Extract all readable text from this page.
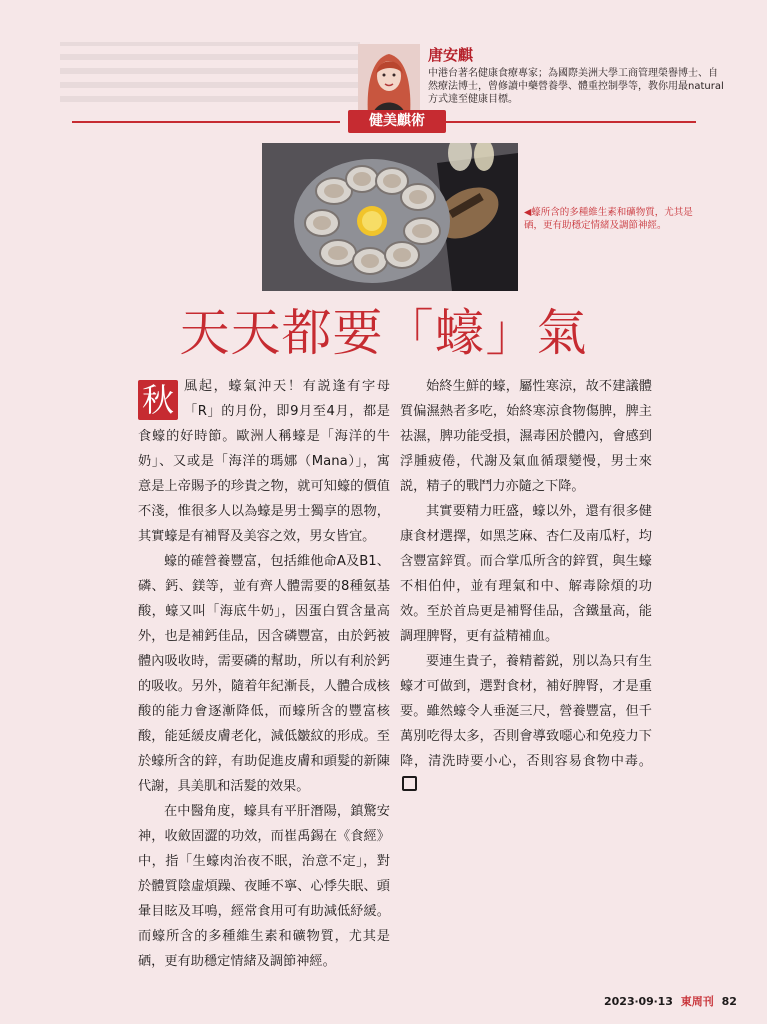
唐安麒
中港台著名健康食療專家；為國際美洲大學工商管理榮譽博士、自然療法博士，曾修讀中藥營養學、體重控制學等，教你用最natural方式達至健康目標。
健美麒術
◀蠔所含的多種維生素和礦物質，尤其是硒，更有助穩定情緒及調節神經。
天天都要「蠔」氣

秋 風起，蠔氣沖天！有説逢有字母「R」的月份，即9月至4月，都是食蠔的好時節。歐洲人稱蠔是「海洋的牛奶」、又或是「海洋的瑪娜（Mana）」，寓意是上帝賜予的珍貴之物，就可知蠔的價值不淺，惟很多人以為蠔是男士獨享的恩物，其實蠔是有補腎及美容之效，男女皆宜。

蠔的確營養豐富，包括維他命A及B1、磷、鈣、鎂等，並有齊人體需要的8種氨基酸，蠔又叫「海底牛奶」，因蛋白質含量高外，也是補鈣佳品，因含磷豐富，由於鈣被體內吸收時，需要磷的幫助，所以有利於鈣的吸收。另外，隨着年紀漸長，人體合成核酸的能力會逐漸降低，而蠔所含的豐富核酸，能延緩皮膚老化，減低皺紋的形成。至於蠔所含的鋅，有助促進皮膚和頭髮的新陳代謝，具美肌和活髮的效果。

在中醫角度，蠔具有平肝潛陽，鎮驚安神，收斂固澀的功效，而崔禹錫在《食經》中，指「生蠔肉治夜不眠，治意不定」，對於體質陰虛煩躁、夜睡不寧、心悸失眠、頭暈目眩及耳鳴，經常食用可有助減低紓緩。而蠔所含的多種維生素和礦物質，尤其是硒，更有助穩定情緒及調節神經。

始終生鮮的蠔，屬性寒涼，故不建議體質偏濕熱者多吃，始終寒涼食物傷脾，脾主祛濕，脾功能受損，濕毒困於體內，會感到浮腫疲倦，代謝及氣血循環變慢，男士來説，精子的戰鬥力亦隨之下降。

其實要精力旺盛，蠔以外，還有很多健康食材選擇，如黑芝麻、杏仁及南瓜籽，均含豐富鋅質。而合掌瓜所含的鋅質，與生蠔不相伯仲，並有理氣和中、解毒除煩的功效。至於首烏更是補腎佳品，含鐵量高，能調理脾腎，更有益精補血。

要連生貴子，養精蓄鋭，別以為只有生蠔才可做到，選對食材，補好脾腎，才是重要。雖然蠔令人垂涎三尺，營養豐富，但千萬別吃得太多，否則會導致噁心和免疫力下降，清洗時要小心，否則容易食物中毒。

2023‧09‧13 東周刊 82
